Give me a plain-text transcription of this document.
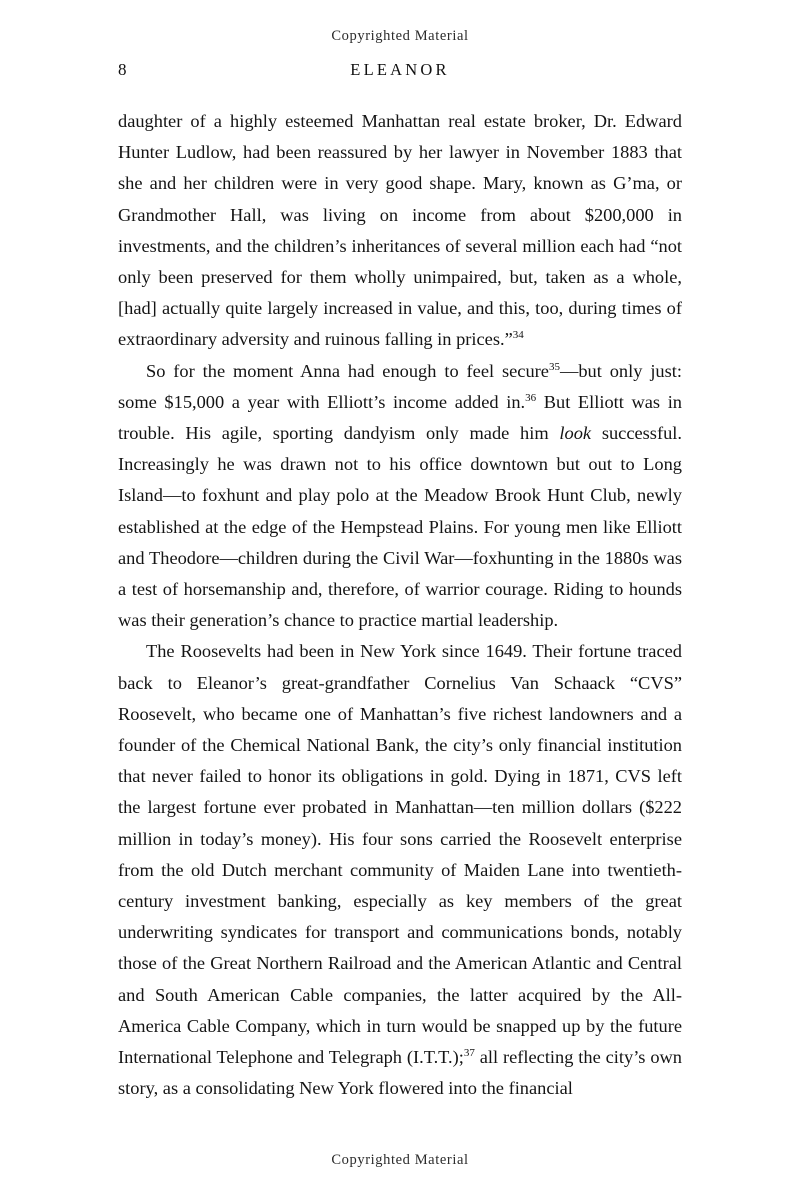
Copyrighted Material
8	ELEANOR

daughter of a highly esteemed Manhattan real estate broker, Dr. Edward Hunter Ludlow, had been reassured by her lawyer in November 1883 that she and her children were in very good shape. Mary, known as G’ma, or Grandmother Hall, was living on income from about $200,000 in investments, and the children’s inheritances of several million each had “not only been preserved for them wholly unimpaired, but, taken as a whole, [had] actually quite largely increased in value, and this, too, during times of extraordinary adversity and ruinous falling in prices.”$^{34}$

So for the moment Anna had enough to feel secure$^{35}$—but only just: some $15,000 a year with Elliott’s income added in.$^{36}$ But Elliott was in trouble. His agile, sporting dandyism only made him look successful. Increasingly he was drawn not to his office downtown but out to Long Island—to foxhunt and play polo at the Meadow Brook Hunt Club, newly established at the edge of the Hempstead Plains. For young men like Elliott and Theodore—children during the Civil War—foxhunting in the 1880s was a test of horsemanship and, therefore, of warrior courage. Riding to hounds was their generation’s chance to practice martial leadership.

The Roosevelts had been in New York since 1649. Their fortune traced back to Eleanor’s great-grandfather Cornelius Van Schaack “CVS” Roosevelt, who became one of Manhattan’s five richest landowners and a founder of the Chemical National Bank, the city’s only financial institution that never failed to honor its obligations in gold. Dying in 1871, CVS left the largest fortune ever probated in Manhattan—ten million dollars ($222 million in today’s money). His four sons carried the Roosevelt enterprise from the old Dutch merchant community of Maiden Lane into twentieth-century investment banking, especially as key members of the great underwriting syndicates for transport and communications bonds, notably those of the Great Northern Railroad and the American Atlantic and Central and South American Cable companies, the latter acquired by the All-America Cable Company, which in turn would be snapped up by the future International Telephone and Telegraph (I.T.T.);$^{37}$ all reflecting the city’s own story, as a consolidating New York flowered into the financial

Copyrighted Material
